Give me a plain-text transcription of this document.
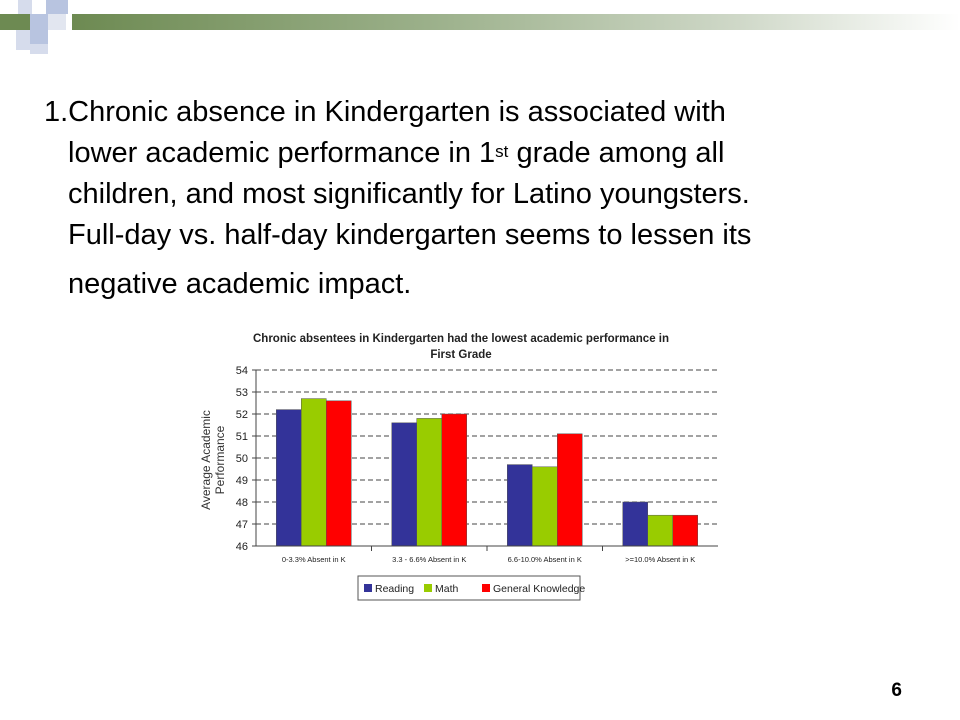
1.Chronic absence in Kindergarten is associated with
lower academic performance in 1st grade among all
children, and most significantly for Latino youngsters.
Full-day vs. half-day kindergarten seems to lessen its
negative academic impact.
Chronic absentees in Kindergarten had the lowest academic performance in
First Grade
Average Academic Performance
46
47
48
49
50
51
52
53
54
0-3.3% Absent in K	3.3 - 6.6% Absent in K	6.6-10.0% Absent in K	>=10.0% Absent in K
Reading Math	General Knowledge
6
